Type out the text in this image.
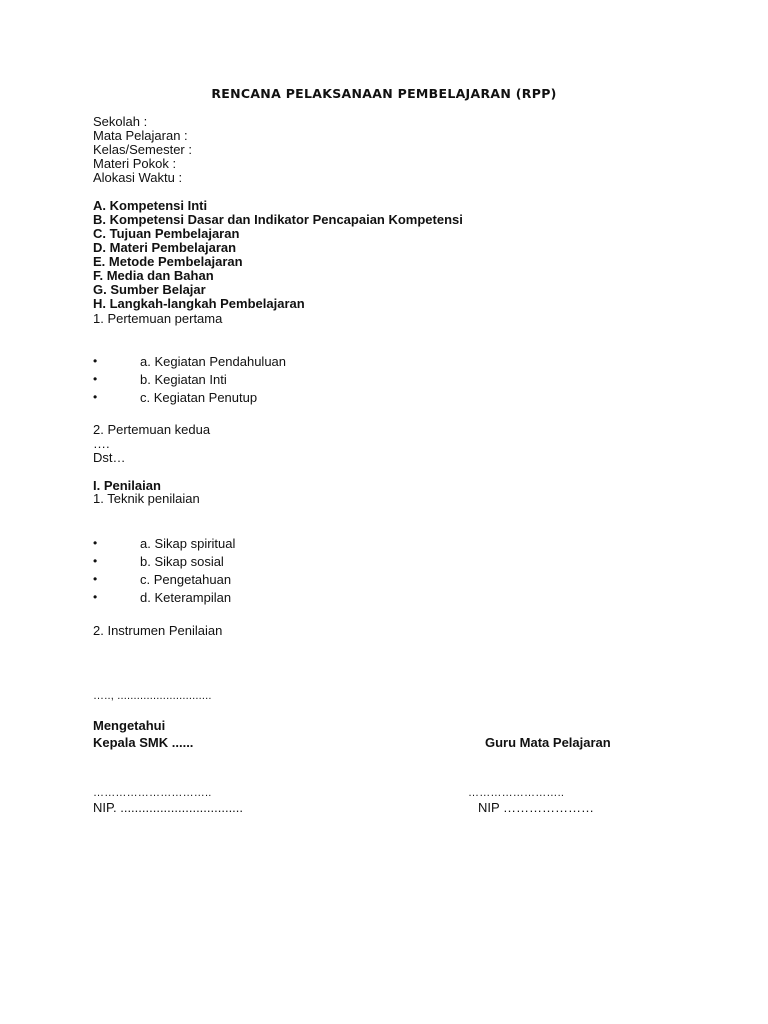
RENCANA PELAKSANAAN PEMBELAJARAN (RPP)
Sekolah :
Mata Pelajaran :
Kelas/Semester :
Materi Pokok :
Alokasi Waktu :
A. Kompetensi Inti
B. Kompetensi Dasar dan Indikator Pencapaian Kompetensi
C. Tujuan Pembelajaran
D. Materi Pembelajaran
E. Metode Pembelajaran
F. Media dan Bahan
G. Sumber Belajar
H. Langkah-langkah Pembelajaran
1. Pertemuan pertama
•	a. Kegiatan Pendahuluan
•	b. Kegiatan Inti
•	c. Kegiatan Penutup
2. Pertemuan kedua
….
Dst…
I. Penilaian
1. Teknik penilaian
•	a. Sikap spiritual
•	b. Sikap sosial
•	c. Pengetahuan
•	d. Keterampilan
2. Instrumen Penilaian
….., .............................
Mengetahui
Kepala SMK ......	Guru Mata Pelajaran
…………………………..	……………………..
NIP. ..................................	NIP …………………
